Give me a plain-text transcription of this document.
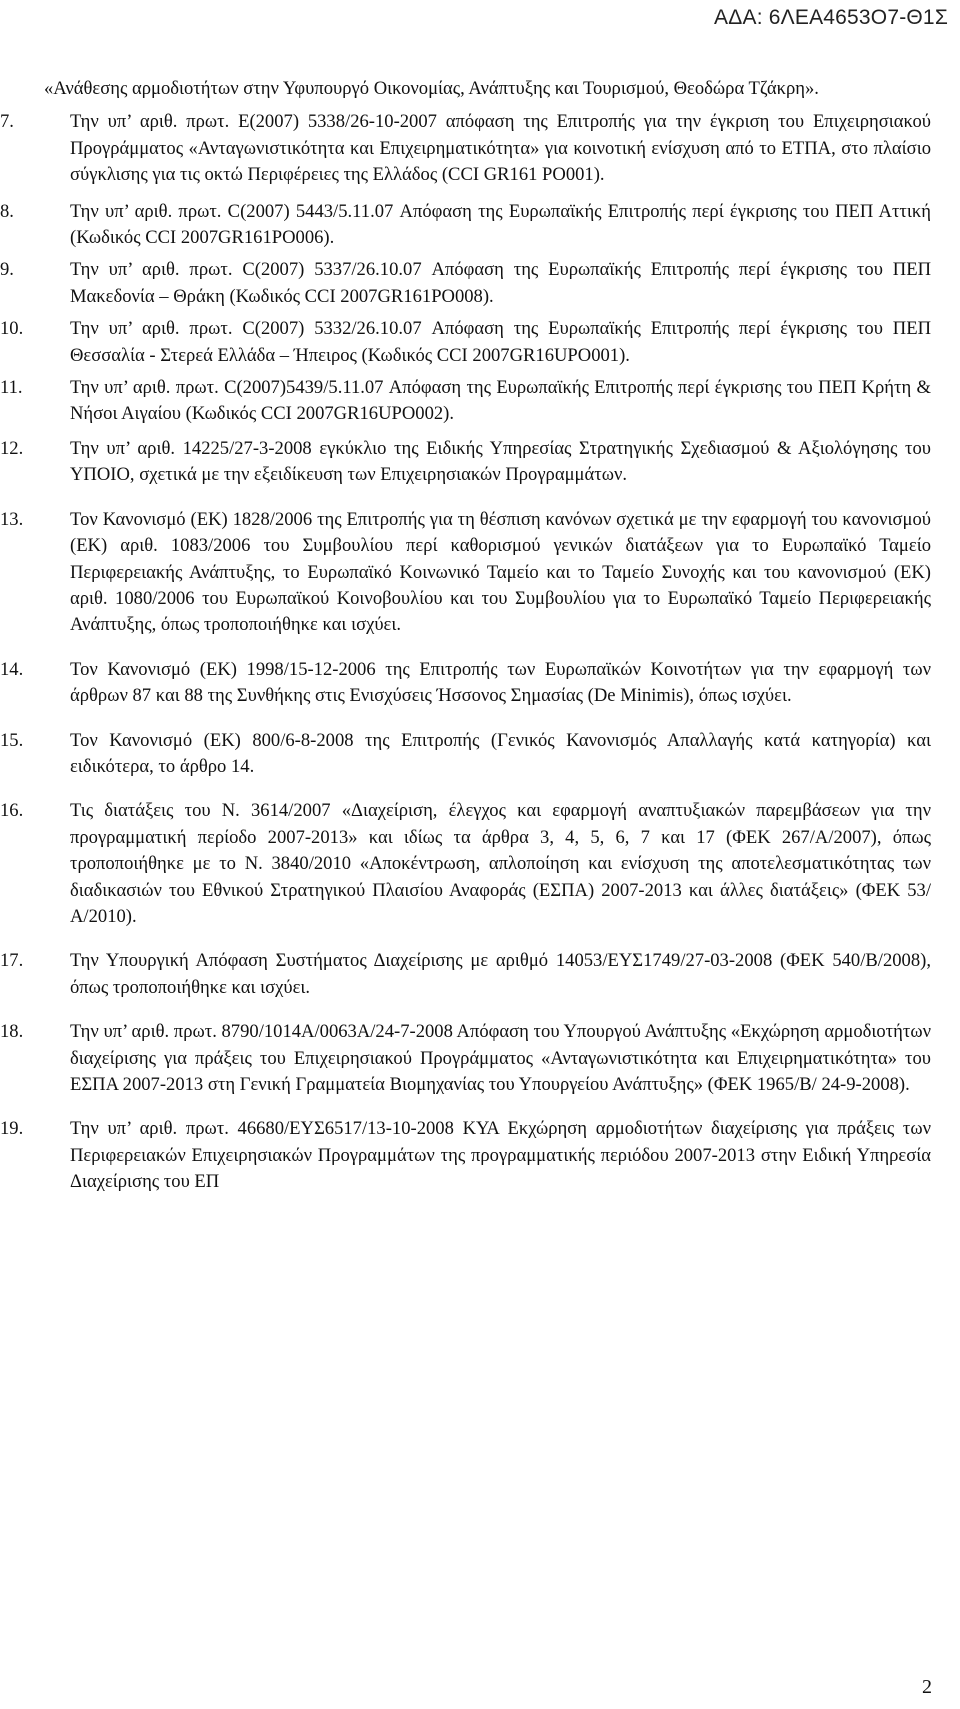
ΑΔΑ: 6ΛΕΑ4653Ο7-Θ1Σ

«Ανάθεσης αρμοδιοτήτων στην Υφυπουργό Οικονομίας, Ανάπτυξης και Τουρισμού, Θεοδώρα Τζάκρη».

7.	Την υπ’ αριθ. πρωτ. E(2007) 5338/26-10-2007 απόφαση της Επιτροπής για την έγκριση του Επιχειρησιακού Προγράμματος «Ανταγωνιστικότητα και Επιχειρηματικότητα» για κοινοτική ενίσχυση από το ΕΤΠΑ, στο πλαίσιο σύγκλισης για τις οκτώ Περιφέρειες της Ελλάδος (CCI GR161 PO001).
8.	Την υπ’ αριθ. πρωτ. C(2007) 5443/5.11.07 Απόφαση της Ευρωπαϊκής Επιτροπής περί έγκρισης του ΠΕΠ Αττική (Κωδικός CCI 2007GR161PO006).
9.	Την υπ’ αριθ. πρωτ. C(2007) 5337/26.10.07 Απόφαση της Ευρωπαϊκής Επιτροπής περί έγκρισης του ΠΕΠ Μακεδονία – Θράκη (Κωδικός CCI 2007GR161PO008).
10.	Την υπ’ αριθ. πρωτ. C(2007) 5332/26.10.07 Απόφαση της Ευρωπαϊκής Επιτροπής περί έγκρισης του ΠΕΠ Θεσσαλία - Στερεά Ελλάδα – Ήπειρος (Κωδικός CCI 2007GR16UPO001).
11.	Την υπ’ αριθ. πρωτ. C(2007)5439/5.11.07 Απόφαση της Ευρωπαϊκής Επιτροπής περί έγκρισης του ΠΕΠ Κρήτη & Νήσοι Αιγαίου (Κωδικός CCI 2007GR16UPO002).
12.	Την υπ’ αριθ. 14225/27-3-2008 εγκύκλιο της Ειδικής Υπηρεσίας Στρατηγικής Σχεδιασμού & Αξιολόγησης του ΥΠΟΙΟ, σχετικά με την εξειδίκευση των Επιχειρησιακών Προγραμμάτων.
13.	Τον Κανονισμό (ΕΚ) 1828/2006 της Επιτροπής για τη θέσπιση κανόνων σχετικά με την εφαρμογή του κανονισμού (ΕΚ) αριθ. 1083/2006 του Συμβουλίου περί καθορισμού γενικών διατάξεων για το Ευρωπαϊκό Ταμείο Περιφερειακής Ανάπτυξης, το Ευρωπαϊκό Κοινωνικό Ταμείο και το Ταμείο Συνοχής και του κανονισμού (ΕΚ) αριθ. 1080/2006 του Ευρωπαϊκού Κοινοβουλίου και του Συμβουλίου για το Ευρωπαϊκό Ταμείο Περιφερειακής Ανάπτυξης, όπως τροποποιήθηκε και ισχύει.
14.	Τον Κανονισμό (ΕΚ) 1998/15-12-2006 της Επιτροπής των Ευρωπαϊκών Κοινοτήτων για την εφαρμογή των άρθρων 87 και 88 της Συνθήκης στις Ενισχύσεις Ήσσονος Σημασίας (De Minimis), όπως ισχύει.
15.	Τον Κανονισμό (ΕΚ) 800/6-8-2008 της Επιτροπής (Γενικός Κανονισμός Απαλλαγής κατά κατηγορία) και ειδικότερα, το άρθρο 14.
16.	Τις διατάξεις του Ν. 3614/2007 «Διαχείριση, έλεγχος και εφαρμογή αναπτυξιακών παρεμβάσεων για την προγραμματική περίοδο 2007-2013» και ιδίως τα άρθρα 3, 4, 5, 6, 7 και 17 (ΦΕΚ 267/Α/2007), όπως τροποποιήθηκε με το Ν. 3840/2010 «Αποκέντρωση, απλοποίηση και ενίσχυση της αποτελεσματικότητας των διαδικασιών του Εθνικού Στρατηγικού Πλαισίου Αναφοράς (ΕΣΠΑ) 2007-2013 και άλλες διατάξεις» (ΦΕΚ 53/Α/2010).
17.	Την Υπουργική Απόφαση Συστήματος Διαχείρισης με αριθμό 14053/ΕΥΣ1749/27-03-2008 (ΦΕΚ 540/Β/2008), όπως τροποποιήθηκε και ισχύει.
18.	Την υπ’ αριθ. πρωτ. 8790/1014Α/0063Α/24-7-2008 Απόφαση του Υπουργού Ανάπτυξης «Εκχώρηση αρμοδιοτήτων διαχείρισης για πράξεις του Επιχειρησιακού Προγράμματος «Ανταγωνιστικότητα και Επιχειρηματικότητα» του ΕΣΠΑ 2007-2013 στη Γενική Γραμματεία Βιομηχανίας του Υπουργείου Ανάπτυξης» (ΦΕΚ 1965/Β/ 24-9-2008).
19.	Την υπ’ αριθ. πρωτ. 46680/ΕΥΣ6517/13-10-2008 ΚΥΑ Εκχώρηση αρμοδιοτήτων διαχείρισης για πράξεις των Περιφερειακών Επιχειρησιακών Προγραμμάτων της προγραμματικής περιόδου 2007-2013 στην Ειδική Υπηρεσία Διαχείρισης του ΕΠ
2
